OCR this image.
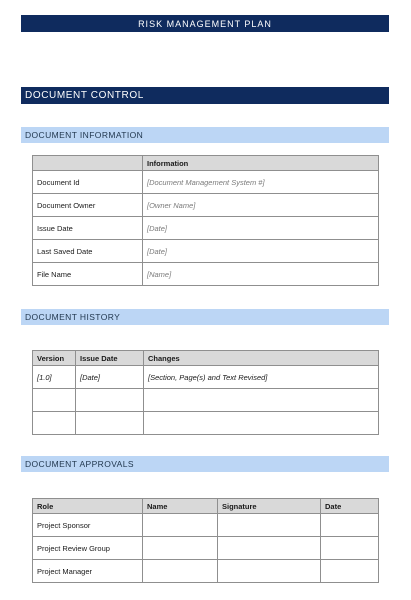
RISK MANAGEMENT PLAN
DOCUMENT CONTROL
DOCUMENT INFORMATION
	Information
Document Id	[Document Management System #]
Document Owner	[Owner Name]
Issue Date	[Date]
Last Saved Date	[Date]
File Name	[Name]
DOCUMENT HISTORY
Version	Issue Date	Changes
[1.0]	[Date]	[Section, Page(s) and Text Revised]

DOCUMENT APPROVALS
Role	Name	Signature	Date
Project Sponsor			
Project Review Group			
Project Manager			
